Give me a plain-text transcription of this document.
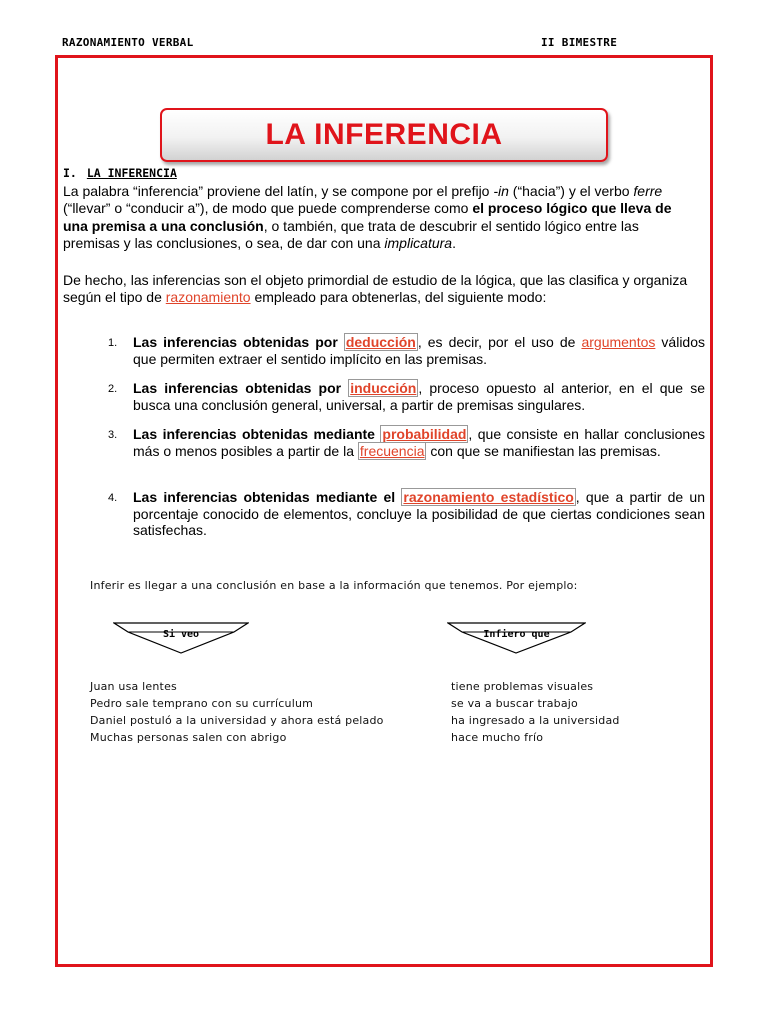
RAZONAMIENTO VERBAL	II BIMESTRE
LA INFERENCIA
I. LA INFERENCIA
La palabra “inferencia” proviene del latín, y se compone por el prefijo -in (“hacia”) y el verbo ferre (“llevar” o “conducir a”), de modo que puede comprenderse como el proceso lógico que lleva de una premisa a una conclusión, o también, que trata de descubrir el sentido lógico entre las premisas y las conclusiones, o sea, de dar con una implicatura.
De hecho, las inferencias son el objeto primordial de estudio de la lógica, que las clasifica y organiza según el tipo de razonamiento empleado para obtenerlas, del siguiente modo:
1. Las inferencias obtenidas por deducción , es decir, por el uso de argumentos válidos que permiten extraer el sentido implícito en las premisas.
2. Las inferencias obtenidas por inducción , proceso opuesto al anterior, en el que se busca una conclusión general, universal, a partir de premisas singulares.
3. Las inferencias obtenidas mediante probabilidad , que consiste en hallar conclusiones más o menos posibles a partir de la frecuencia con que se manifiestan las premisas.
4. Las inferencias obtenidas mediante el razonamiento estadístico , que a partir de un porcentaje conocido de elementos, concluye la posibilidad de que ciertas condiciones sean satisfechas.
Inferir es llegar a una conclusión en base a la información que tenemos. Por ejemplo:
Si veo	Infiero que
Juan usa lentes
Pedro sale temprano con su currículum
Daniel postuló a la universidad y ahora está pelado
Muchas personas salen con abrigo
tiene problemas visuales
se va a buscar trabajo
ha ingresado a la universidad
hace mucho frío
